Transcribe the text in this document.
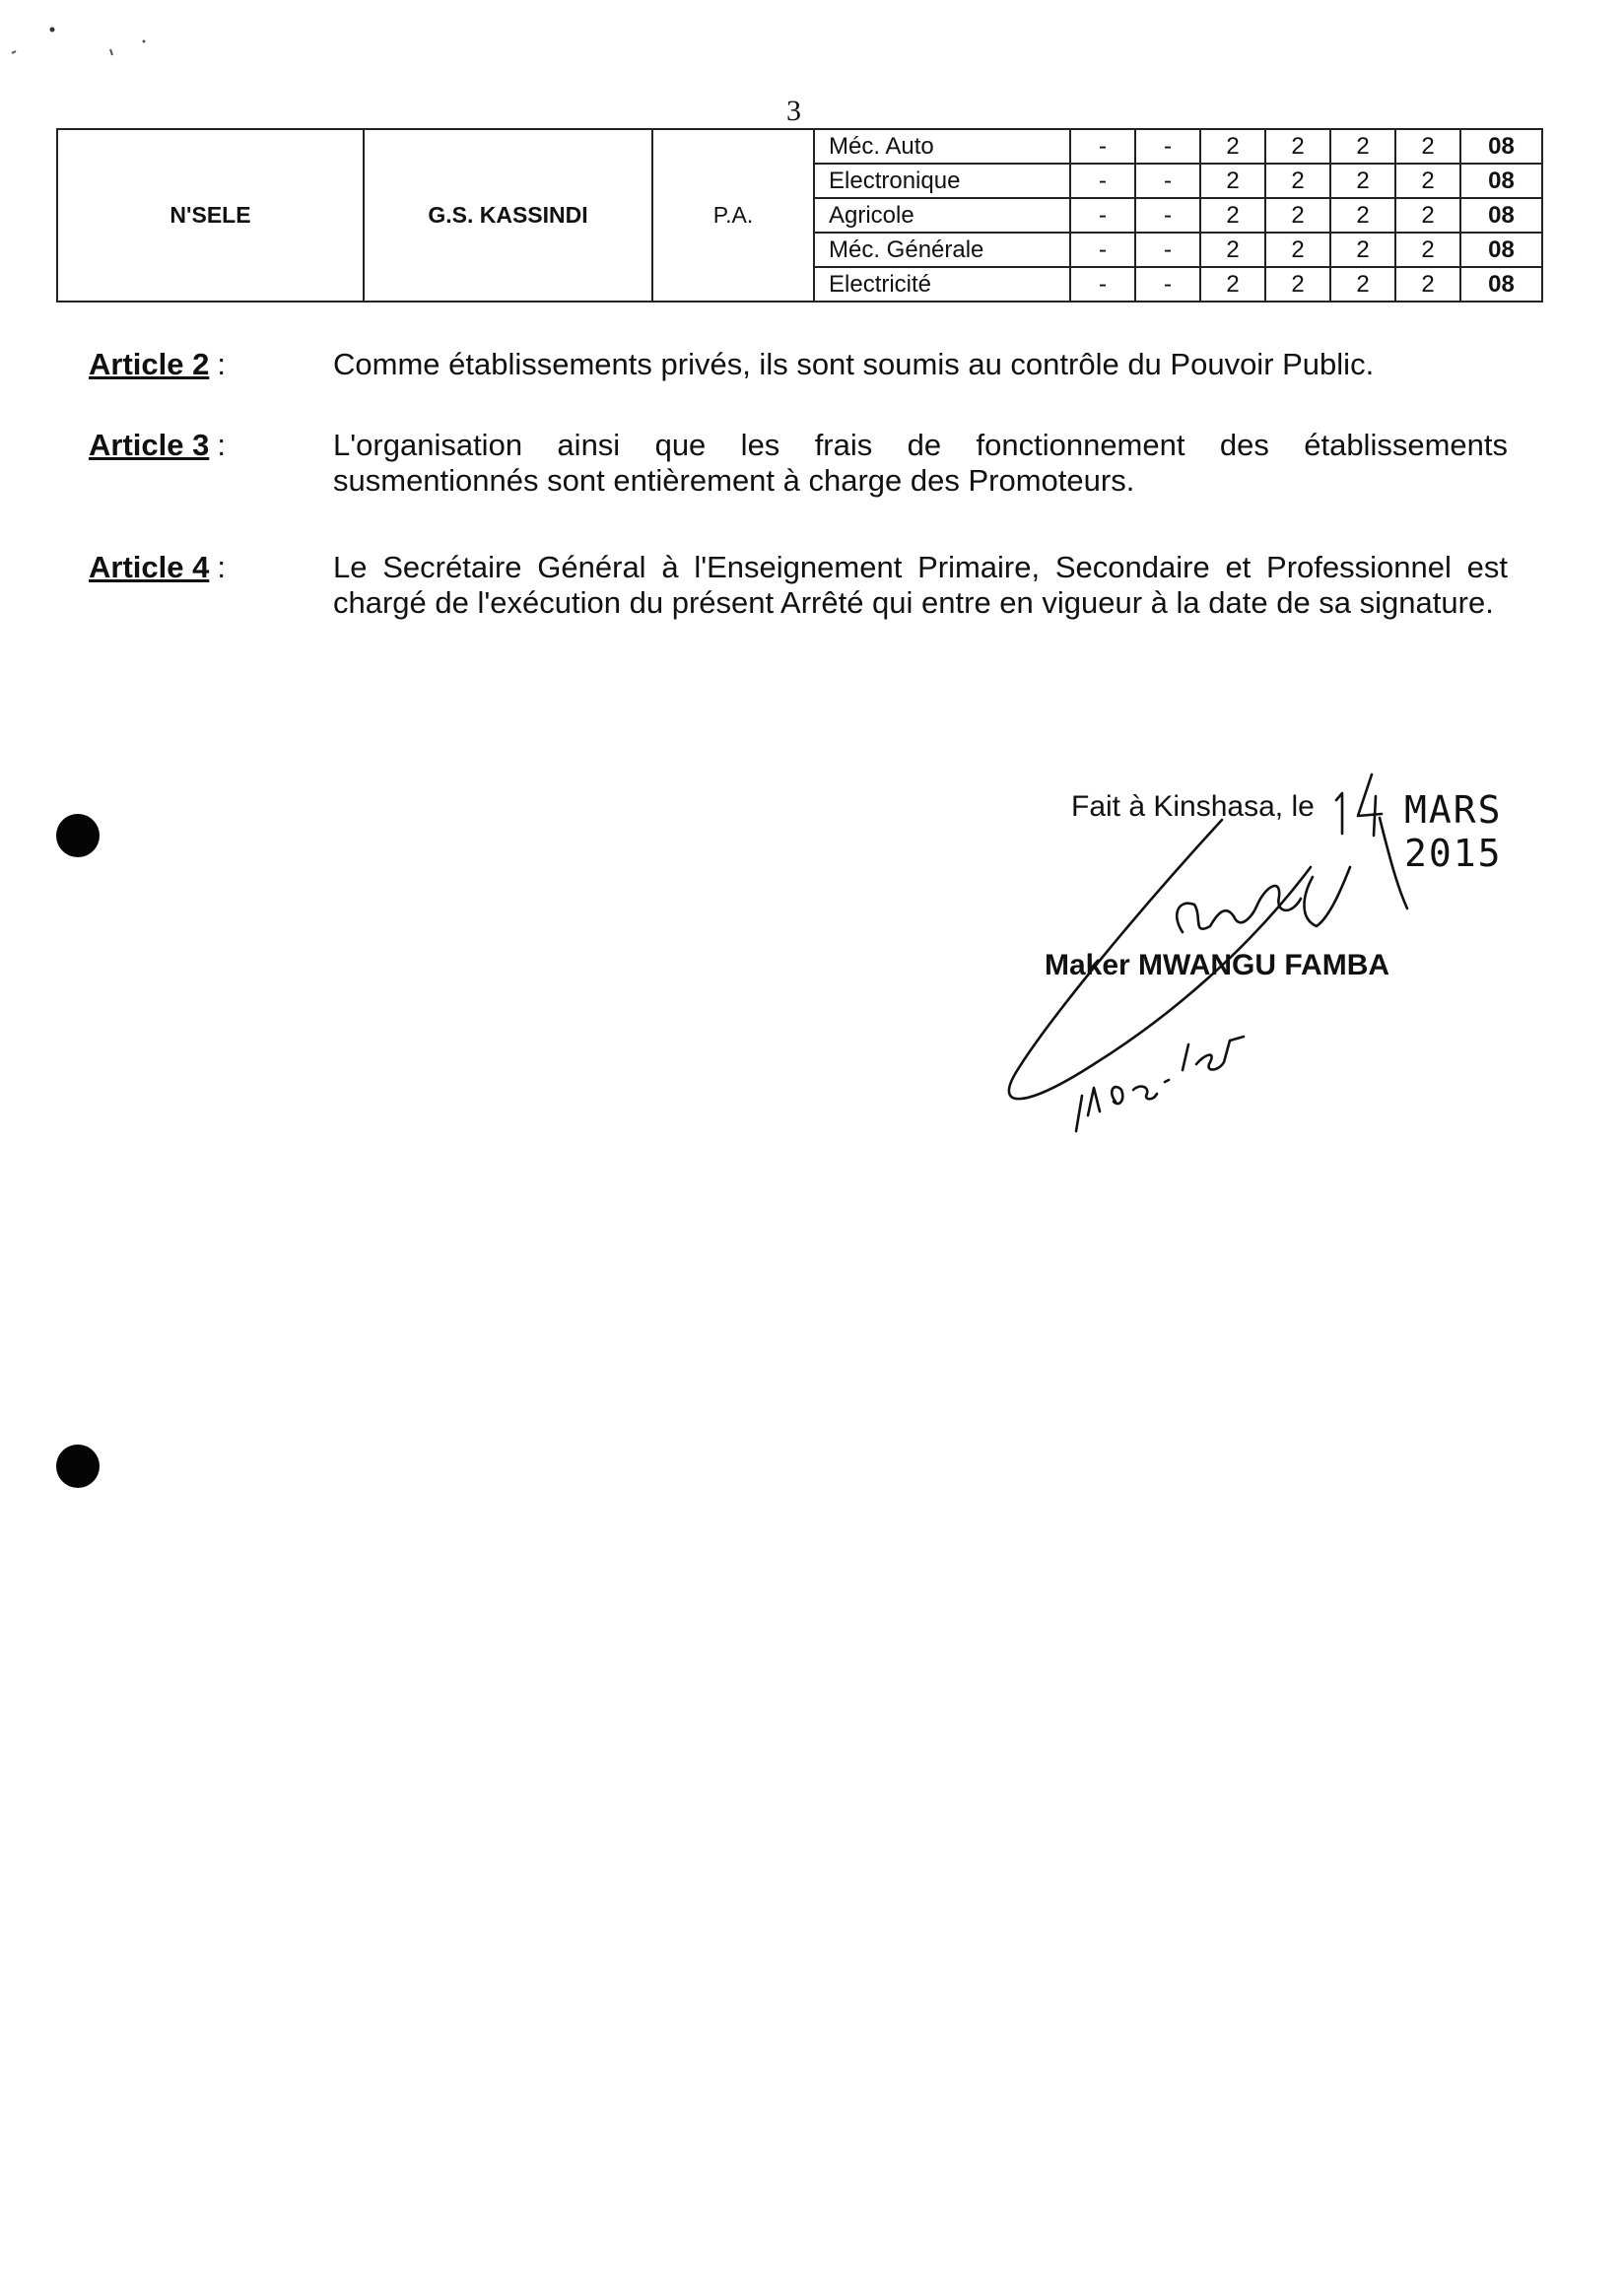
3
N'SELE	G.S. KASSINDI	P.A.	Méc. Auto	-	-	2	2	2	2	08
			Electronique	-	-	2	2	2	2	08
			Agricole	-	-	2	2	2	2	08
			Méc. Générale	-	-	2	2	2	2	08
			Electricité	-	-	2	2	2	2	08
Article 2 :	Comme établissements privés, ils sont soumis au contrôle du Pouvoir Public.
Article 3 :	L'organisation ainsi que les frais de fonctionnement des établissements susmentionnés sont entièrement à charge des Promoteurs.
Article 4 :	Le Secrétaire Général à l'Enseignement Primaire, Secondaire et Professionnel est chargé de l'exécution du présent Arrêté qui entre en vigueur à la date de sa signature.
Fait à Kinshasa, le MARS 2015
Maker MWANGU FAMBA
